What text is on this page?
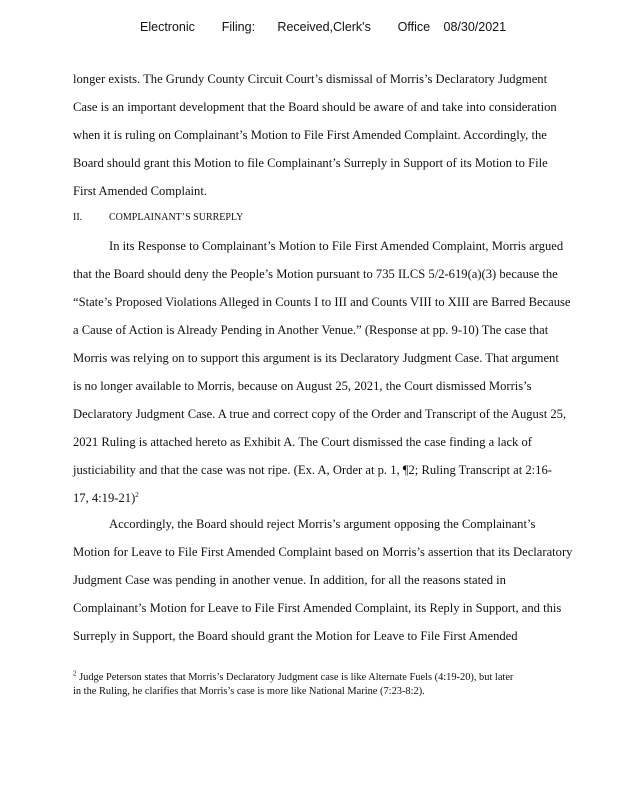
Electronic      Filing:     Received,Clerk's      Office   08/30/2021
longer exists. The Grundy County Circuit Court’s dismissal of Morris’s Declaratory Judgment
Case is an important development that the Board should be aware of and take into consideration
when it is ruling on Complainant’s Motion to File First Amended Complaint. Accordingly, the
Board should grant this Motion to file Complainant’s Surreply in Support of its Motion to File
First Amended Complaint.
II.	COMPLAINANT’S SURREPLY
In its Response to Complainant’s Motion to File First Amended Complaint, Morris argued
that the Board should deny the People’s Motion pursuant to 735 ILCS 5/2-619(a)(3) because the
“State’s Proposed Violations Alleged in Counts I to III and Counts VIII to XIII are Barred Because
a Cause of Action is Already Pending in Another Venue.” (Response at pp. 9-10) The case that
Morris was relying on to support this argument is its Declaratory Judgment Case. That argument
is no longer available to Morris, because on August 25, 2021, the Court dismissed Morris’s
Declaratory Judgment Case. A true and correct copy of the Order and Transcript of the August 25,
2021 Ruling is attached hereto as Exhibit A. The Court dismissed the case finding a lack of
justiciability and that the case was not ripe. (Ex. A, Order at p. 1, ¶2; Ruling Transcript at 2:16-
17, 4:19-21)$^2$
Accordingly, the Board should reject Morris’s argument opposing the Complainant’s
Motion for Leave to File First Amended Complaint based on Morris’s assertion that its Declaratory
Judgment Case was pending in another venue. In addition, for all the reasons stated in
Complainant’s Motion for Leave to File First Amended Complaint, its Reply in Support, and this
Surreply in Support, the Board should grant the Motion for Leave to File First Amended
$^2$ Judge Peterson states that Morris’s Declaratory Judgment case is like Alternate Fuels (4:19-20), but later
in the Ruling, he clarifies that Morris’s case is more like National Marine (7:23-8:2).
